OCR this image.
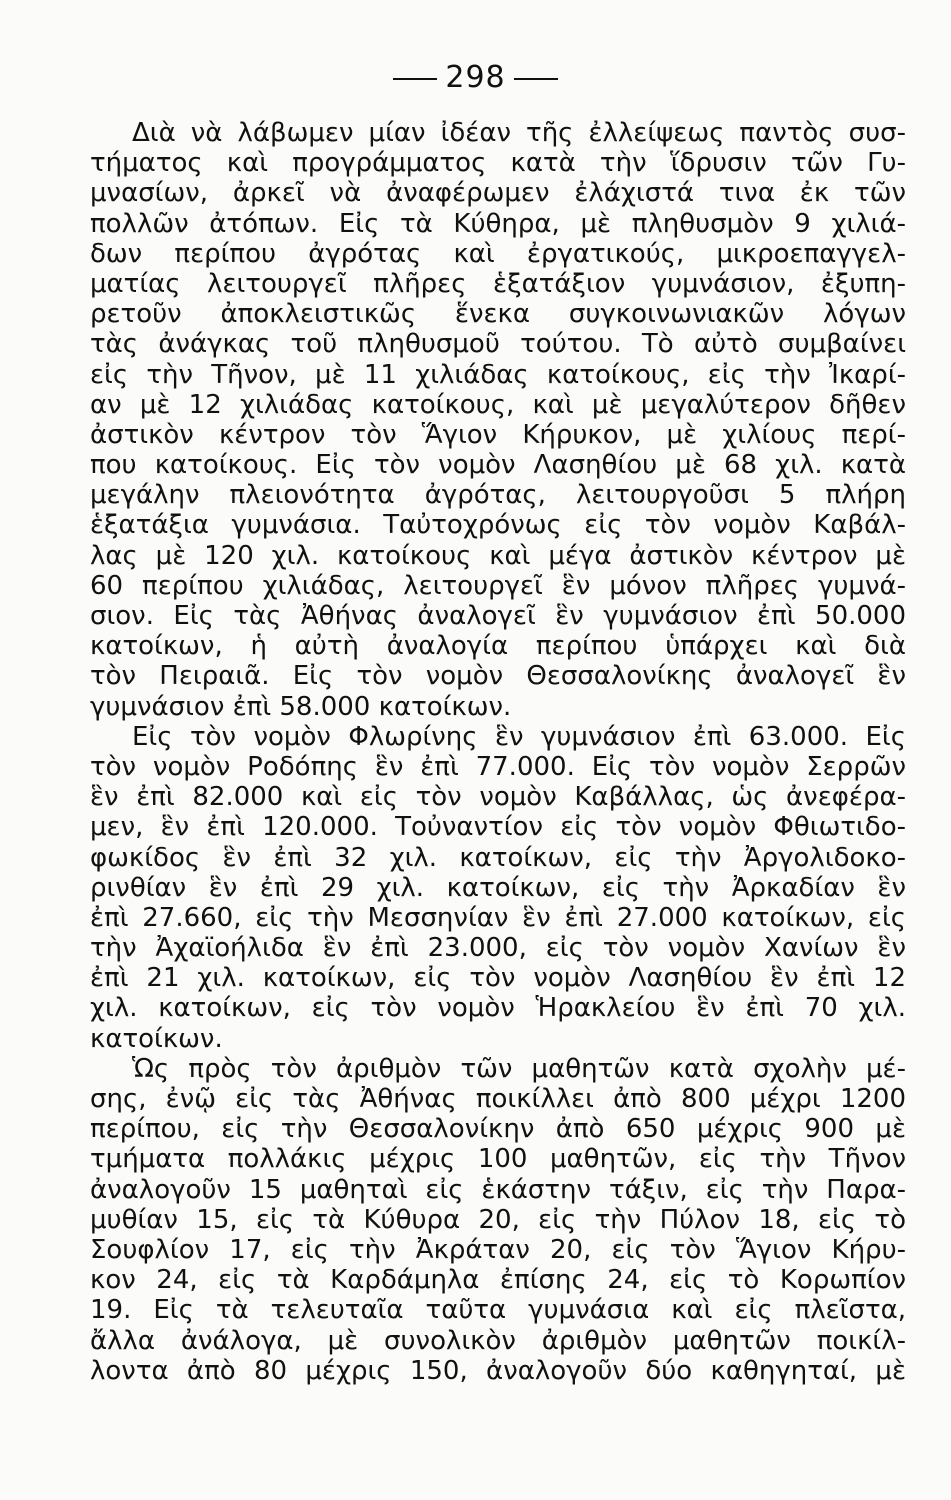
298
Διὰ νὰ λάβωμεν μίαν ἰδέαν τῆς ἐλλείψεως παντὸς συσ-
τήματος καὶ προγράμματος κατὰ τὴν ἵδρυσιν τῶν Γυ-
μνασίων, ἀρκεῖ νὰ ἀναφέρωμεν ἐλάχιστά τινα ἐκ τῶν
πολλῶν ἀτόπων. Εἰς τὰ Κύθηρα, μὲ πληθυσμὸν 9 χιλιά-
δων περίπου ἀγρότας καὶ ἐργατικούς, μικροεπαγγελ-
ματίας λειτουργεῖ πλῆρες ἑξατάξιον γυμνάσιον, ἐξυπη-
ρετοῦν ἀποκλειστικῶς ἕνεκα συγκοινωνιακῶν λόγων
τὰς ἀνάγκας τοῦ πληθυσμοῦ τούτου. Τὸ αὐτὸ συμβαίνει
εἰς τὴν Τῆνον, μὲ 11 χιλιάδας κατοίκους, εἰς τὴν Ἰκαρί-
αν μὲ 12 χιλιάδας κατοίκους, καὶ μὲ μεγαλύτερον δῆθεν
ἀστικὸν κέντρον τὸν Ἅγιον Κήρυκον, μὲ χιλίους περί-
που κατοίκους. Εἰς τὸν νομὸν Λασηθίου μὲ 68 χιλ. κατὰ
μεγάλην πλειονότητα ἀγρότας, λειτουργοῦσι 5 πλήρη
ἑξατάξια γυμνάσια. Ταὐτοχρόνως εἰς τὸν νομὸν Καβάλ-
λας μὲ 120 χιλ. κατοίκους καὶ μέγα ἀστικὸν κέντρον μὲ
60 περίπου χιλιάδας, λειτουργεῖ ἓν μόνον πλῆρες γυμνά-
σιον. Εἰς τὰς Ἀθήνας ἀναλογεῖ ἓν γυμνάσιον ἐπὶ 50.000
κατοίκων, ἡ αὐτὴ ἀναλογία περίπου ὑπάρχει καὶ διὰ
τὸν Πειραιᾶ. Εἰς τὸν νομὸν Θεσσαλονίκης ἀναλογεῖ ἓν
γυμνάσιον ἐπὶ 58.000 κατοίκων.
Εἰς τὸν νομὸν Φλωρίνης ἓν γυμνάσιον ἐπὶ 63.000. Εἰς
τὸν νομὸν Ροδόπης ἓν ἐπὶ 77.000. Εἰς τὸν νομὸν Σερρῶν
ἓν ἐπὶ 82.000 καὶ εἰς τὸν νομὸν Καβάλλας, ὡς ἀνεφέρα-
μεν, ἓν ἐπὶ 120.000. Τοὐναντίον εἰς τὸν νομὸν Φθιωτιδο-
φωκίδος ἓν ἐπὶ 32 χιλ. κατοίκων, εἰς τὴν Ἀργολιδοκο-
ρινθίαν ἓν ἐπὶ 29 χιλ. κατοίκων, εἰς τὴν Ἀρκαδίαν ἓν
ἐπὶ 27.660, εἰς τὴν Μεσσηνίαν ἓν ἐπὶ 27.000 κατοίκων, εἰς
τὴν Ἀχαϊοήλιδα ἓν ἐπὶ 23.000, εἰς τὸν νομὸν Χανίων ἓν
ἐπὶ 21 χιλ. κατοίκων, εἰς τὸν νομὸν Λασηθίου ἓν ἐπὶ 12
χιλ. κατοίκων, εἰς τὸν νομὸν Ἡρακλείου ἓν ἐπὶ 70 χιλ.
κατοίκων.
Ὡς πρὸς τὸν ἀριθμὸν τῶν μαθητῶν κατὰ σχολὴν μέ-
σης, ἐνῷ εἰς τὰς Ἀθήνας ποικίλλει ἀπὸ 800 μέχρι 1200
περίπου, εἰς τὴν Θεσσαλονίκην ἀπὸ 650 μέχρις 900 μὲ
τμήματα πολλάκις μέχρις 100 μαθητῶν, εἰς τὴν Τῆνον
ἀναλογοῦν 15 μαθηταὶ εἰς ἑκάστην τάξιν, εἰς τὴν Παρα-
μυθίαν 15, εἰς τὰ Κύθυρα 20, εἰς τὴν Πύλον 18, εἰς τὸ
Σουφλίον 17, εἰς τὴν Ἀκράταν 20, εἰς τὸν Ἅγιον Κήρυ-
κον 24, εἰς τὰ Καρδάμηλα ἐπίσης 24, εἰς τὸ Κορωπίον
19. Εἰς τὰ τελευταῖα ταῦτα γυμνάσια καὶ εἰς πλεῖστα,
ἄλλα ἀνάλογα, μὲ συνολικὸν ἀριθμὸν μαθητῶν ποικίλ-
λοντα ἀπὸ 80 μέχρις 150, ἀναλογοῦν δύο καθηγηταί, μὲ
